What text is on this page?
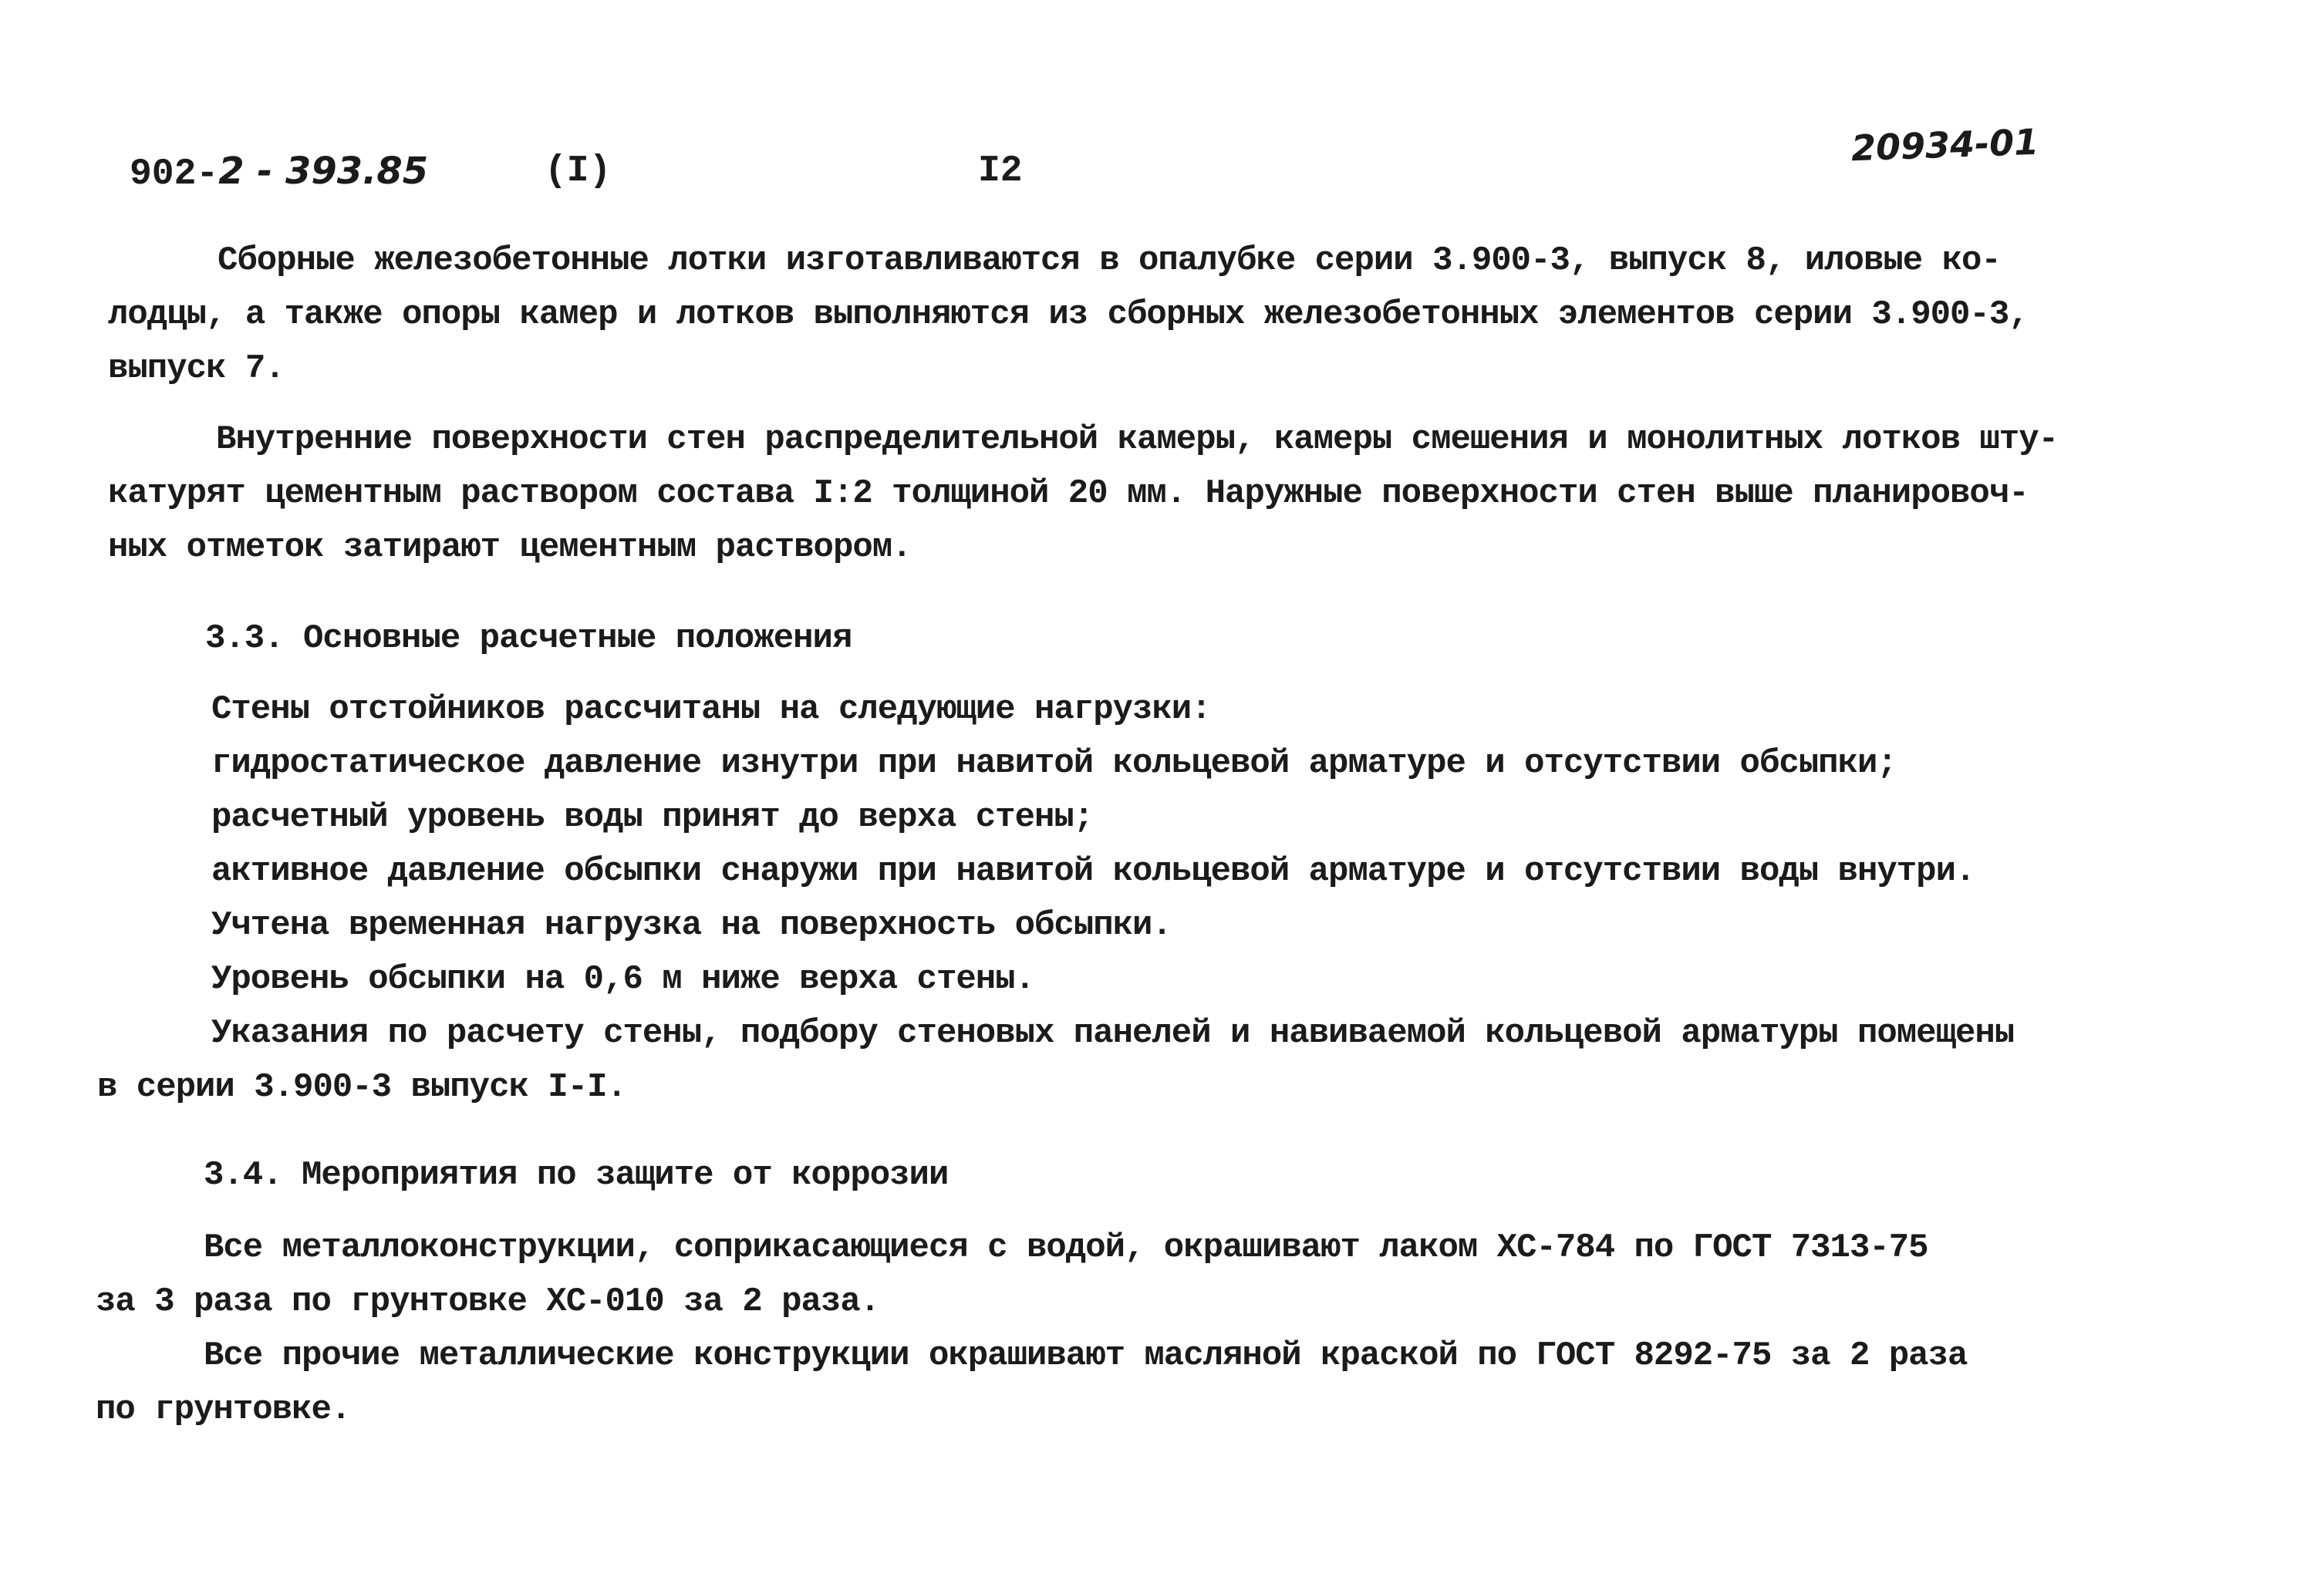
902-2 - 393.85	(I)	I2
20934-01
Сборные железобетонные лотки изготавливаются в опалубке серии 3.900-3, выпуск 8, иловые ко-
лодцы, а также опоры камер и лотков выполняются из сборных железобетонных элементов серии 3.900-3,
выпуск 7.
Внутренние поверхности стен распределительной камеры, камеры смешения и монолитных лотков шту-
катурят цементным раствором состава I:2 толщиной 20 мм. Наружные поверхности стен выше планировоч-
ных отметок затирают цементным раствором.
3.3. Основные расчетные положения
Стены отстойников рассчитаны на следующие нагрузки:
гидростатическое давление изнутри при навитой кольцевой арматуре и отсутствии обсыпки;
расчетный уровень воды принят до верха стены;
активное давление обсыпки снаружи при навитой кольцевой арматуре и отсутствии воды внутри.
Учтена временная нагрузка на поверхность обсыпки.
Уровень обсыпки на 0,6 м ниже верха стены.
Указания по расчету стены, подбору стеновых панелей и навиваемой кольцевой арматуры помещены
в серии 3.900-3 выпуск I-I.
3.4. Мероприятия по защите от коррозии
Все металлоконструкции, соприкасающиеся с водой, окрашивают лаком ХС-784 по ГОСТ 7313-75
за 3 раза по грунтовке ХС-010 за 2 раза.
Все прочие металлические конструкции окрашивают масляной краской по ГОСТ 8292-75 за 2 раза
по грунтовке.
